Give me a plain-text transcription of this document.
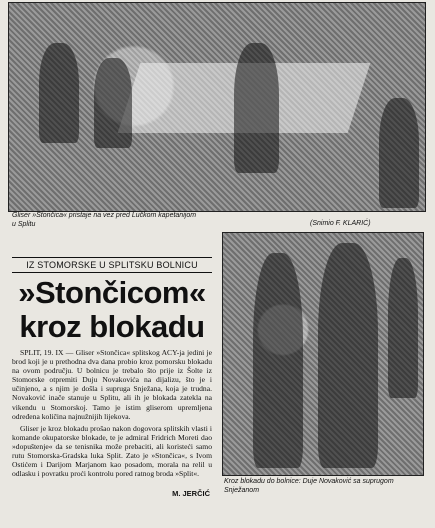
Gliser »Stončica« pristaje na vez pred Lučkom kapetanijom
u Splitu	(Snimio F. KLARIĆ)
IZ STOMORSKE U SPLITSKU BOLNICU
»Stončicom«
kroz blokadu

SPLIT, 19. IX — Gliser »Stončica« splitskog ACY-ja jedini je brod koji je u prethodna dva dana probio kroz pomorsku blokadu na ovom području. U bolnicu je trebalo što prije iz Šolte iz Stomorske otpremiti Duju Novakovića na dijalizu, što je i učinjeno, a s njim je došla i supruga Snježana, koja je trudna. Novaković inače stanuje u Splitu, ali ih je blokada zatekla na vikendu u Stomorskoj. Tamo je istim gliserom upremljena određena količina najnužnijih lijekova.

Gliser je kroz blokadu prošao nakon dogovora splitskih vlasti i komande okupatorske blokade, te je admiral Fridrich Moreti dao »dopuštenje« da se tenisnika može prebaciti, ali koristeći samo rutu Stomorska-Gradska luka Split. Zato je »Stončica«, s Ivom Ostićem i Darijom Marjanom kao posadom, morala na relil u odlasku i povratku proći kontrolu pored ratnog broda »Split«.

M. JERČIĆ
Kroz blokadu do bolnice: Duje Novaković sa suprugom
Snježanom
